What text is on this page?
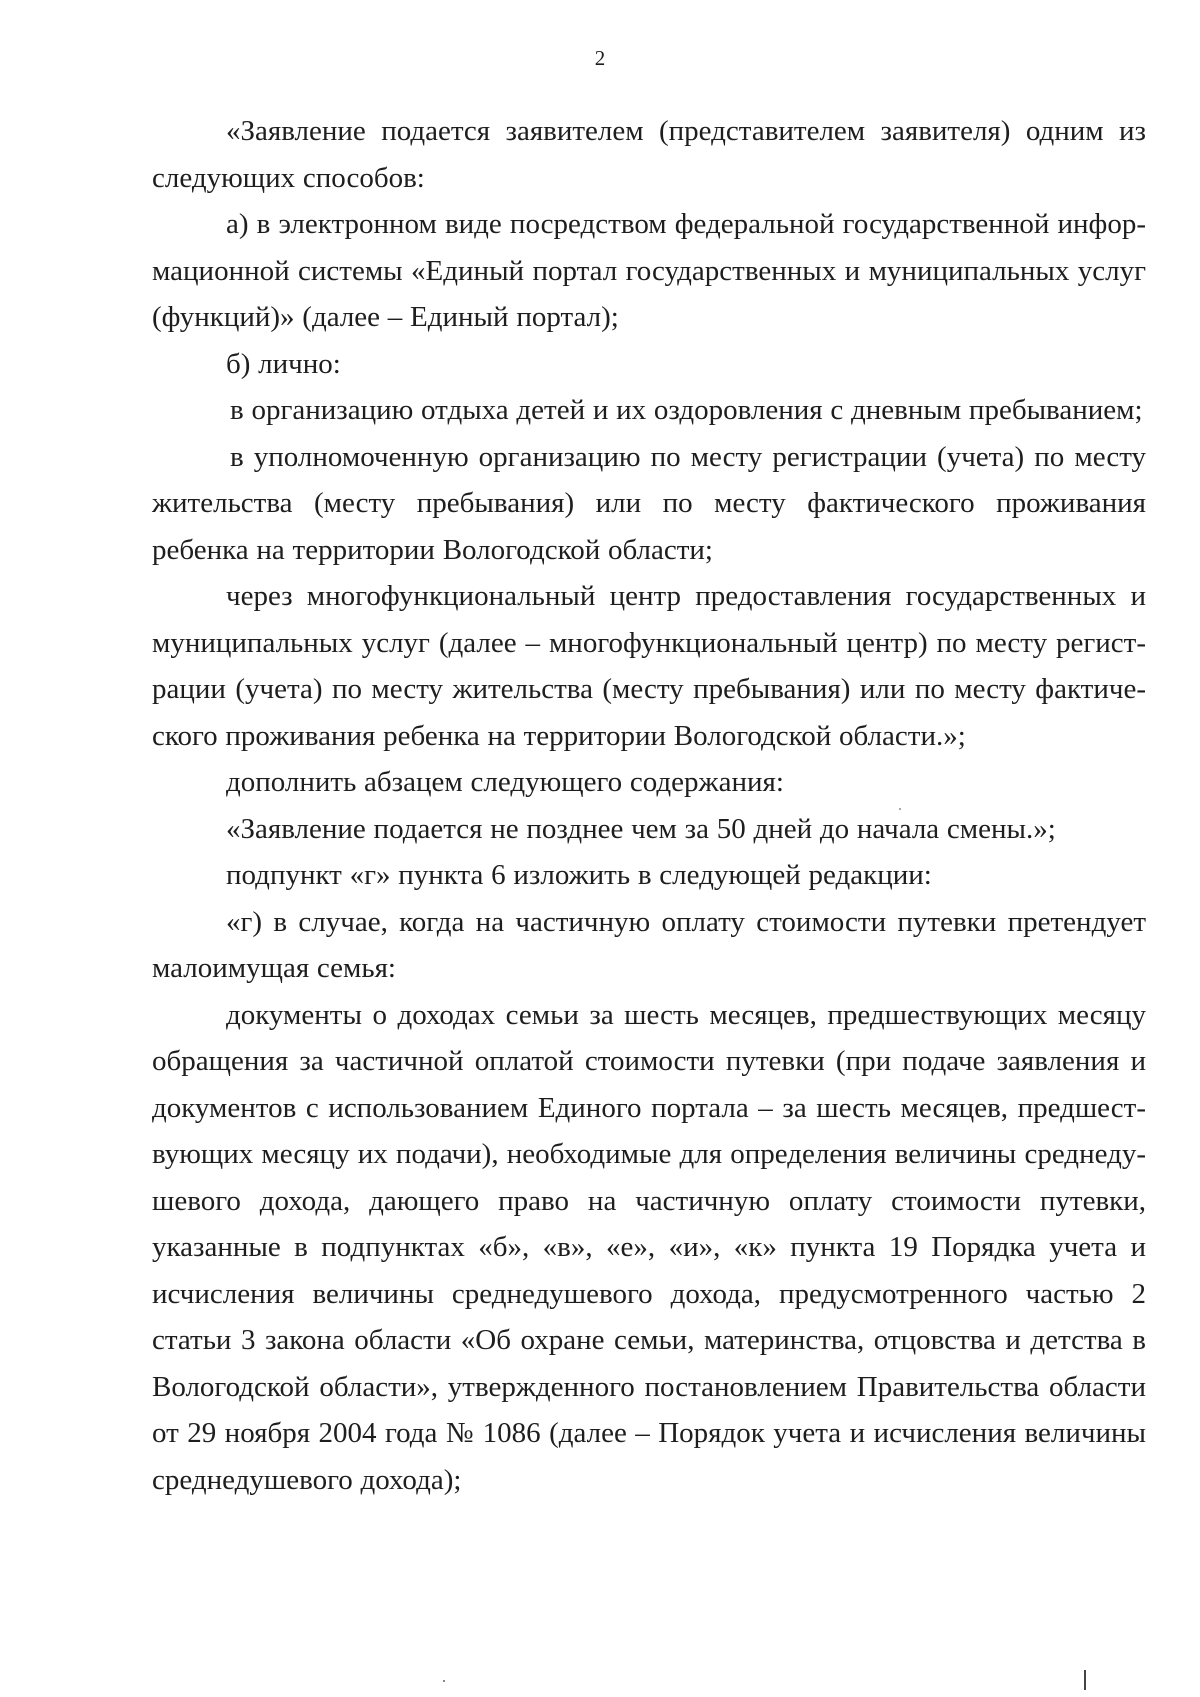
2

«Заявление подается заявителем (представителем заявителя) одним из следующих способов:

а) в электронном виде посредством федеральной государственной информационной системы «Единый портал государственных и муниципальных услуг (функций)» (далее – Единый портал);

б) лично:

в организацию отдыха детей и их оздоровления с дневным пребыванием;

в уполномоченную организацию по месту регистрации (учета) по месту жительства (месту пребывания) или по месту фактического проживания ребенка на территории Вологодской области;

через многофункциональный центр предоставления государственных и муниципальных услуг (далее – многофункциональный центр) по месту регистрации (учета) по месту жительства (месту пребывания) или по месту фактического проживания ребенка на территории Вологодской области.»;

дополнить абзацем следующего содержания:

«Заявление подается не позднее чем за 50 дней до начала смены.»;

подпункт «г» пункта 6 изложить в следующей редакции:

«г) в случае, когда на частичную оплату стоимости путевки претендует малоимущая семья:

документы о доходах семьи за шесть месяцев, предшествующих месяцу обращения за частичной оплатой стоимости путевки (при подаче заявления и документов с использованием Единого портала – за шесть месяцев, предшествующих месяцу их подачи), необходимые для определения величины среднедушевого дохода, дающего право на частичную оплату стоимости путевки, указанные в подпунктах «б», «в», «е», «и», «к» пункта 19 Порядка учета и исчисления величины среднедушевого дохода, предусмотренного частью 2 статьи 3 закона области «Об охране семьи, материнства, отцовства и детства в Вологодской области», утвержденного постановлением Правительства области от 29 ноября 2004 года № 1086 (далее – Порядок учета и исчисления величины среднедушевого дохода);
